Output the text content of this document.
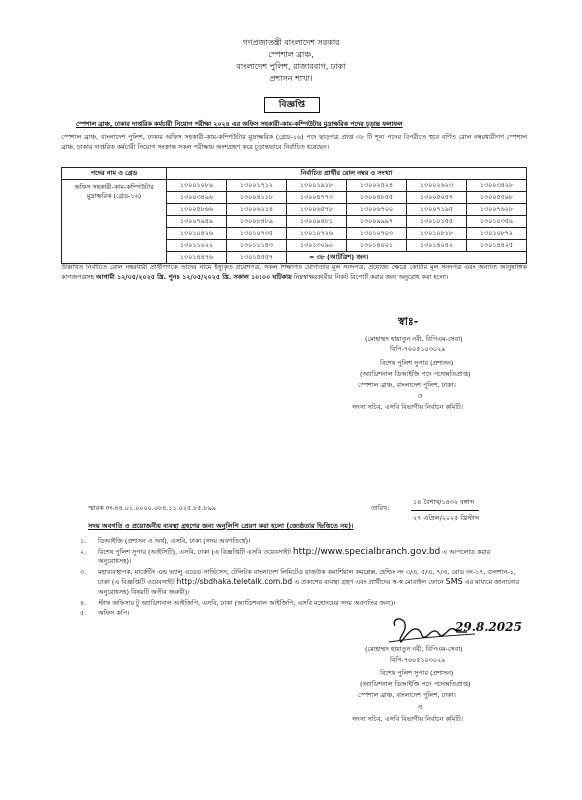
গণপ্রজাতন্ত্রী বাংলাদেশ সরকার
স্পেশাল ব্রাঞ্চ,
বাংলাদেশ পুলিশ, রাজারবাগ, ঢাকা
প্রশাসন শাখা।
বিজ্ঞপ্তি
স্পেশাল ব্রাঞ্চ, ঢাকার দাপ্তরিক কর্মচারী নিয়োগ পরীক্ষা ২০২৪ এর অফিস সহকারী-কাম-কম্পিউটার মুদ্রাক্ষরিক পদের চূড়ান্ত ফলাফল
স্পেশাল ব্রাঞ্চ, বাংলাদেশ পুলিশ, ঢাকার অফিস সহকারী-কাম-কম্পিউটার মুদ্রাক্ষরিক (গ্রেড-১৬) পদে ছাড়পত্র প্রাপ্ত ৩৮ টি শূন্য পদের বিপরীতে হুবে বর্ণিত রোল নম্বরধারীগণ স্পেশাল ব্রাঞ্চ, ঢাকার দাপ্তরিক কর্মচারী নিয়োগ সংক্রান্ত সকল পরীক্ষায় অংশগ্রহণ করে চূড়ান্তভাবে নির্বাচিত হয়েছেন।
পদের নাম ও গ্রেড	নির্বাচিত প্রার্থীর রোল নম্বর ও সংখ্যা					
অফিস সহকারী-কাম-কম্পিউটার মুদ্রাক্ষরিক (গ্রেড-১৬)	১৩০০১০৮৯	১৩০০১৭১২	১৩০০১৯১৮	১৩০০২৫২৪	১৩০০২৬২৩	১৩০০৩৪২৮
	১৩০০৩৪৯৬	১৩০০৪১১৮	১৩০০৪৭৭৩	১৩০০৪৮৫৫	১৩০০৫০৫৭	১৩০০৫৫৯৮
	১৩০০৫৮৬৬	১৩০০৬২১৪	১৩০০৬৫৭৮	১৩০০৬৭০০	১৩০০৭১৯৫	১৩০০৭৬২৮
	১৩০০৭৯৪৯	১৩০০৮৪৮৯	১৩০০৯৪৮১	১৩০০৯৯৯৭	১৩০১০১৫৫	১৩০১০৩৫৯
	১৩০১০৪২৬	১৩০১০৭৩৫	১৩০১০৭২৬	১৩০১০৭০৩	১৩০১০৮১৮	১৩০১০৮৭২
	১৩০১১০২২	১৩০১১১৪৩	১৩০১৩০৯০	১৩০১৪০০১	১৩০১৪০৪২	১৩০১৪৪২৫
	১৩০১৪৪৭৬	১৩০১৫৫৫৭	= ৩৮ (আটত্রিশ) জন।			
উল্লিখিত নির্বাচিত রোল নম্বরধারী প্রার্থীগণকে তাদের নামে ইস্যুকৃত প্রবেশপত্র, সকল শিক্ষাগত যোগ্যতার মূল সনদপত্র, প্রযোজ্য ক্ষেত্রে কোটার মূল সনদপত্র এবং অন্যান্য আনুষাঙ্গিক কাগজপত্রসহ আগামী ১২/০৫/২০২৫ খ্রি. পুনঃ ১২/০৫/২০২৫ খ্রি. সকাল ১০:০০ ঘটিকায় নিম্নস্বাক্ষরকারীর নিকট রিপোর্ট করার জন্য অনুরোধ করা হলো।
স্বাঃ-
(মোহাম্মদ হায়াতুন নবী, বিপিএম-সেবা)
বিপি-৭৬০৫১০৩০২৯
বিশেষ পুলিশ সুপার (প্রশাসন)
(অ্যাডিশনাল ডিআইজি পদে পদোন্নতিপ্রাপ্ত)
স্পেশাল ব্রাঞ্চ, বাংলাদেশ পুলিশ, ঢাকা।
ও
সদস্য সচিব, এসবি বিভাগীয় নির্বাচন কমিটি।
স্মারক নং-৪৪.০১.০০০০.০৮৪.১১.০২৫.৮৫.৮৯৯	তারিখ:
১৪ বৈশাখ/১৪৩২ বঙ্গাব্দ
২৭ এপ্রিল/২০২৫ খ্রিস্টাব্দ
সদয় অবগতি ও প্রয়োজনীয় ব্যবস্থা গ্রহণের জন্য অনুলিপি প্রেরণ করা হলো (জ্যেষ্ঠতার ভিত্তিতে নয়)।
১. ডিআইজি (প্রশাসন ও অর্থ), এসবি, ঢাকা (সদয় অবগতির্থে)।
২. বিশেষ পুলিশ সুপার (আইসিটি), এসবি, ঢাকা (এ বিজ্ঞপ্তিটি এসবি ওয়েবসাইট http://www.specialbranch.gov.bd এ আপলোড করার অনুরোধসহ)।
৩. মহাব্যবস্থাপক, মার্কেটিং এন্ড ভ্যালু এডেড সার্ভিসেস, টেলিটক বাংলাদেশ লিমিটেড রাজউক কমার্শিয়াল কমপ্লেক্স, হেল্ডিং নং ৩/এ, ৫/এ, ৭/এ, রোড নং-১৭, গুলশান-১, ঢাকা (এ বিজ্ঞপ্তিটি ওয়েবসাইট http://sbdhaka.teletalk.com.bd এ প্রকাশের ব্যবস্থা গ্রহণ এবং প্রার্থীদের স্ব-স্ব মোবাইল ফোনে SMS এর মাধ্যমে জানানোর অনুরোধসহ) বিষয়টি অতীব জরুরী)।
৪. স্টাফ অফিসার টু অ্যাডিশনাল আইজিপি, এসবি, ঢাকা (অ্যাডিশনাল আইজিপি, এসবি মহোদয়ের সদয় অবগতির জন্য)।
৫. অফিস কপি।
29.8.2025
(মোহাম্মদ হায়াতুন নবী, বিপিএম-সেবা)
বিপি-৭৬০৫১০৩০২৯
বিশেষ পুলিশ সুপার (প্রশাসন)
(অ্যাডিশনাল ডিআইজি পদে পদোন্নতিপ্রাপ্ত)
স্পেশাল ব্রাঞ্চ, বাংলাদেশ পুলিশ, ঢাকা।
ও
সদস্য সচিব, এসবি বিভাগীয় নির্বাচন কমিটি।
